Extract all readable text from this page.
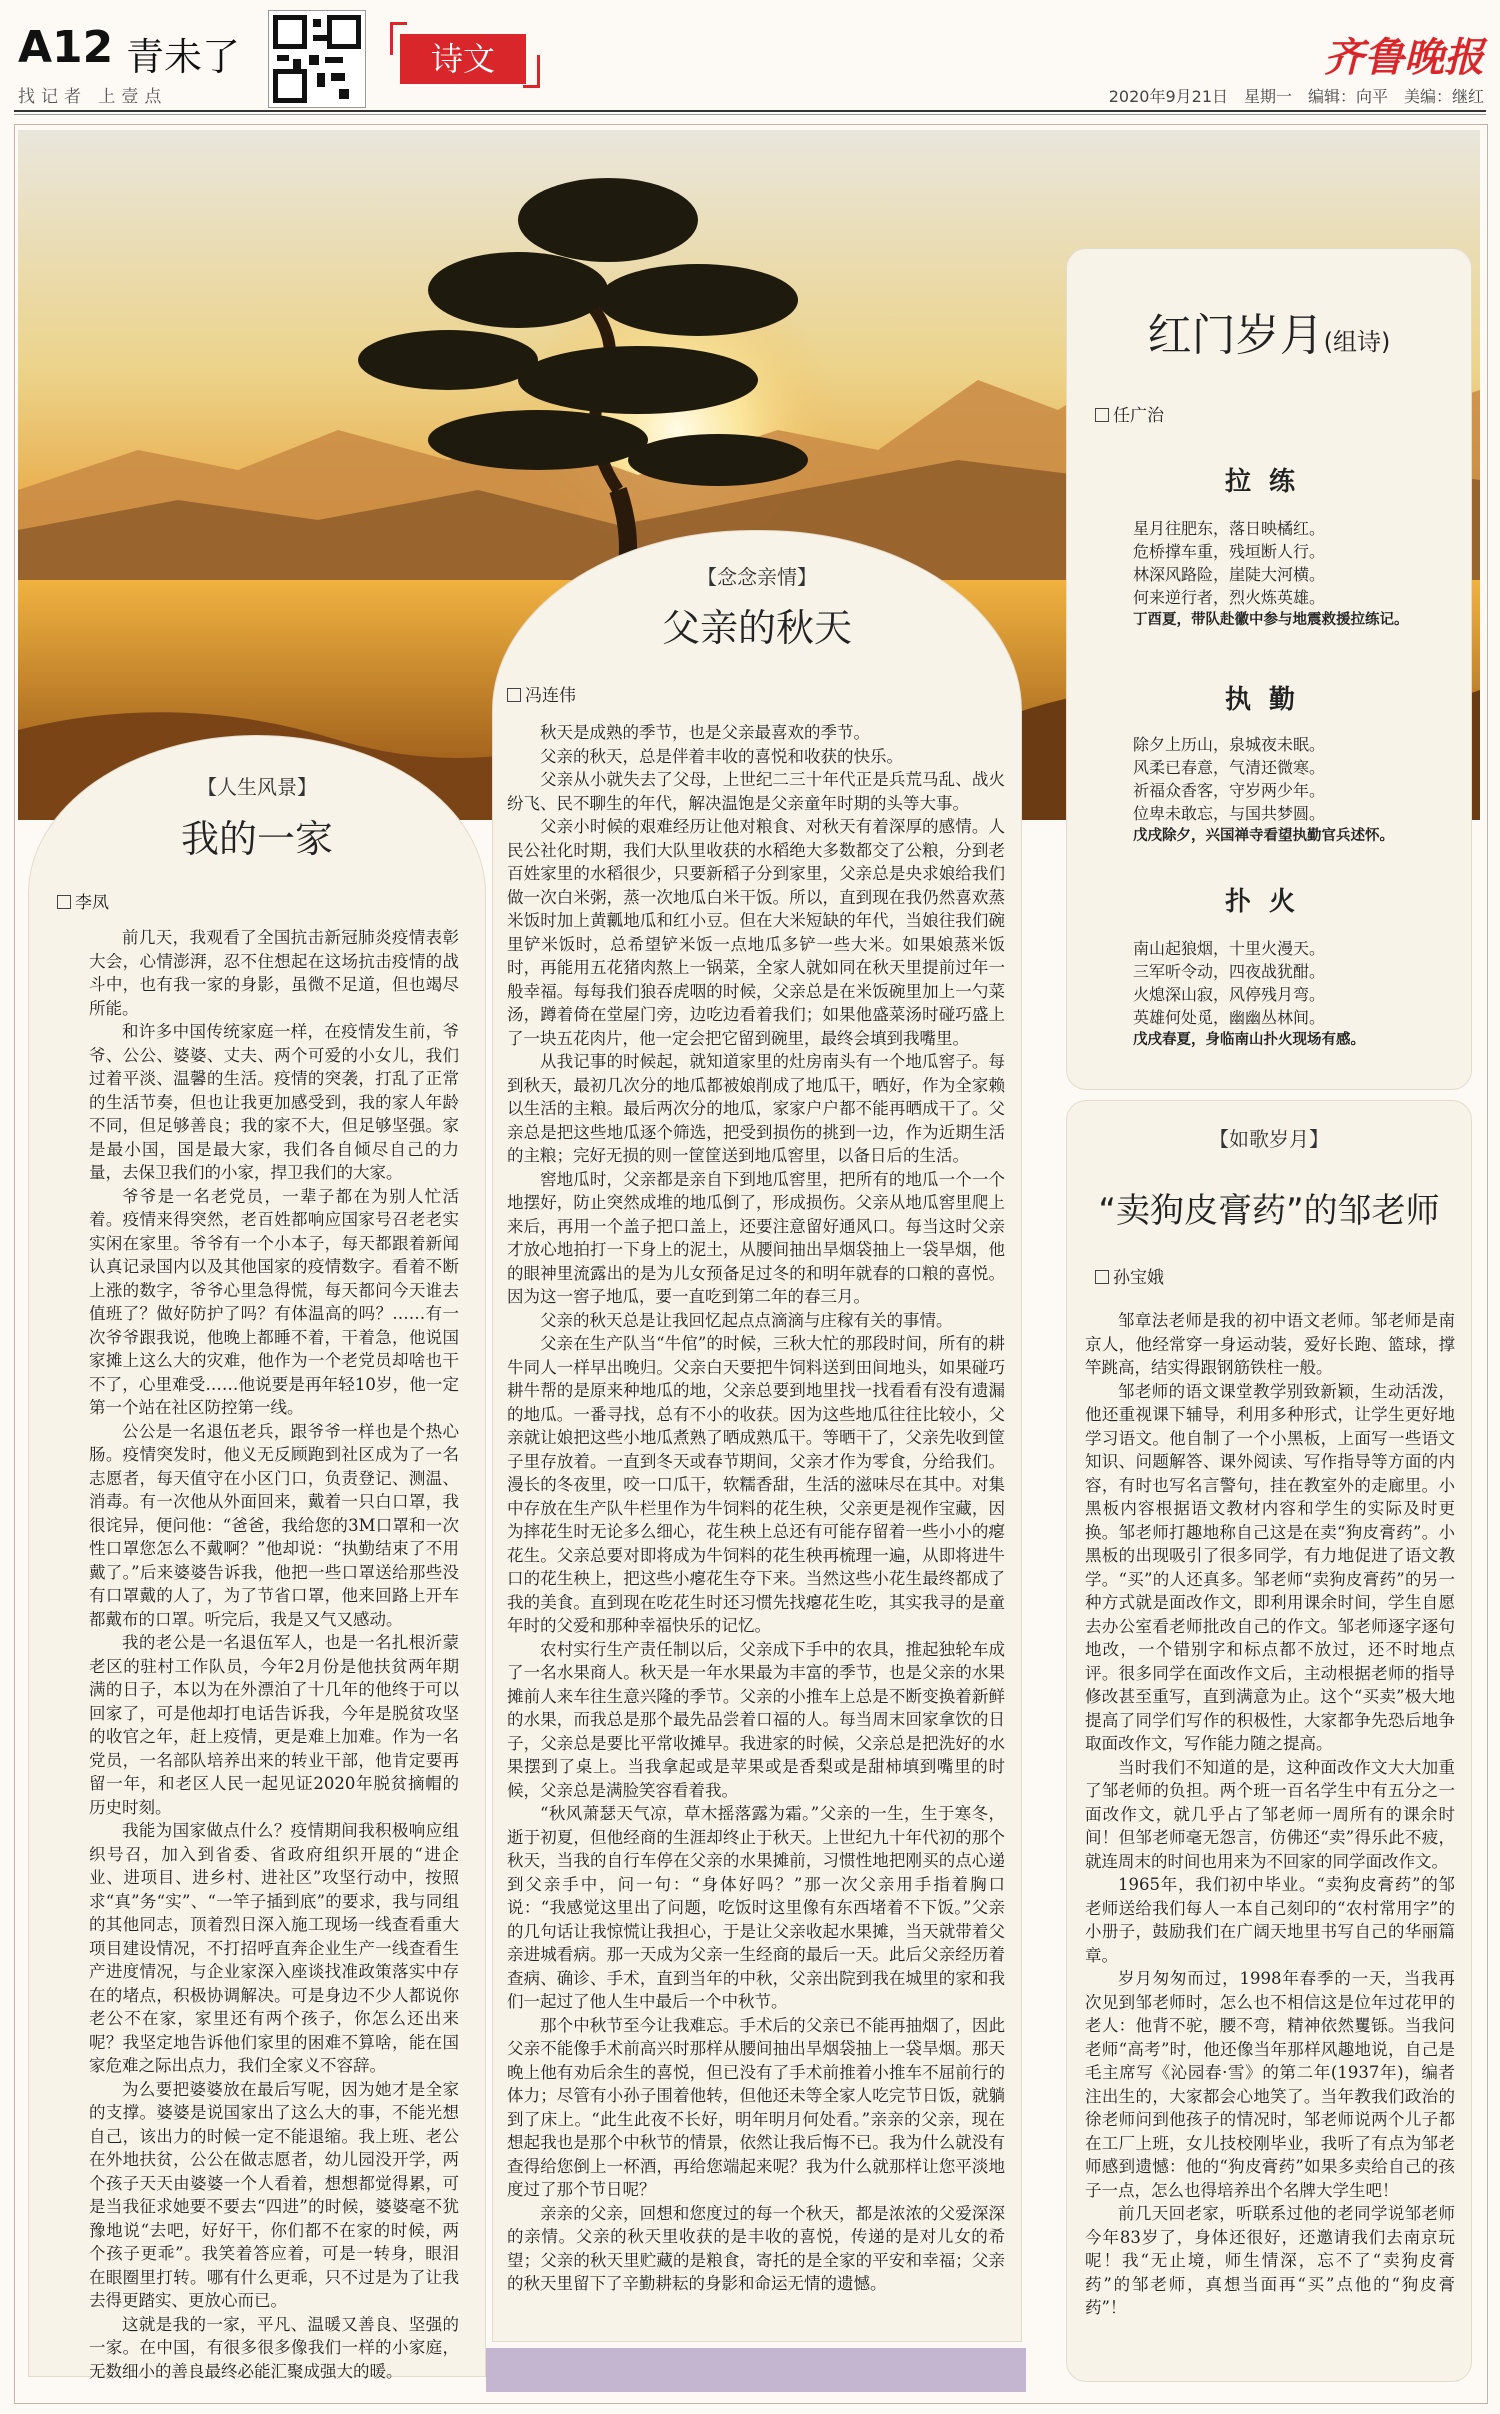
A12 青未了
找记者 上壹点
诗文	齐鲁晚报
2020年9月21日　星期一　编辑：向平　美编：继红
【人生风景】
我的一家
李凤

前几天，我观看了全国抗击新冠肺炎疫情表彰大会，心情澎湃，忍不住想起在这场抗击疫情的战斗中，也有我一家的身影，虽微不足道，但也竭尽所能。

和许多中国传统家庭一样，在疫情发生前，爷爷、公公、婆婆、丈夫、两个可爱的小女儿，我们过着平淡、温馨的生活。疫情的突袭，打乱了正常的生活节奏，但也让我更加感受到，我的家人年龄不同，但足够善良；我的家不大，但足够坚强。家是最小国，国是最大家，我们各自倾尽自己的力量，去保卫我们的小家，捍卫我们的大家。

爷爷是一名老党员，一辈子都在为别人忙活着。疫情来得突然，老百姓都响应国家号召老老实实闲在家里。爷爷有一个小本子，每天都跟着新闻认真记录国内以及其他国家的疫情数字。看着不断上涨的数字，爷爷心里急得慌，每天都问今天谁去值班了？做好防护了吗？有体温高的吗？……有一次爷爷跟我说，他晚上都睡不着，干着急，他说国家摊上这么大的灾难，他作为一个老党员却啥也干不了，心里难受……他说要是再年轻10岁，他一定第一个站在社区防控第一线。

公公是一名退伍老兵，跟爷爷一样也是个热心肠。疫情突发时，他义无反顾跑到社区成为了一名志愿者，每天值守在小区门口，负责登记、测温、消毒。有一次他从外面回来，戴着一只白口罩，我很诧异，便问他：“爸爸，我给您的3M口罩和一次性口罩您怎么不戴啊？”他却说：“执勤结束了不用戴了。”后来婆婆告诉我，他把一些口罩送给那些没有口罩戴的人了，为了节省口罩，他来回路上开车都戴布的口罩。听完后，我是又气又感动。

我的老公是一名退伍军人，也是一名扎根沂蒙老区的驻村工作队员，今年2月份是他扶贫两年期满的日子，本以为在外漂泊了十几年的他终于可以回家了，可是他却打电话告诉我，今年是脱贫攻坚的收官之年，赶上疫情，更是难上加难。作为一名党员，一名部队培养出来的转业干部，他肯定要再留一年，和老区人民一起见证2020年脱贫摘帽的历史时刻。

我能为国家做点什么？疫情期间我积极响应组织号召，加入到省委、省政府组织开展的“进企业、进项目、进乡村、进社区”攻坚行动中，按照求“真”务“实”、“一竿子插到底”的要求，我与同组的其他同志，顶着烈日深入施工现场一线查看重大项目建设情况，不打招呼直奔企业生产一线查看生产进度情况，与企业家深入座谈找准政策落实中存在的堵点，积极协调解决。可是身边不少人都说你老公不在家，家里还有两个孩子，你怎么还出来呢？我坚定地告诉他们家里的困难不算啥，能在国家危难之际出点力，我们全家义不容辞。

为么要把婆婆放在最后写呢，因为她才是全家的支撑。婆婆是说国家出了这么大的事，不能光想自己，该出力的时候一定不能退缩。我上班、老公在外地扶贫，公公在做志愿者，幼儿园没开学，两个孩子天天由婆婆一个人看着，想想都觉得累，可是当我征求她要不要去“四进”的时候，婆婆毫不犹豫地说“去吧，好好干，你们都不在家的时候，两个孩子更乖”。我笑着答应着，可是一转身，眼泪在眼圈里打转。哪有什么更乖，只不过是为了让我去得更踏实、更放心而已。

这就是我的一家，平凡、温暖又善良、坚强的一家。在中国，有很多很多像我们一样的小家庭，无数细小的善良最终必能汇聚成强大的暖。

【念念亲情】
父亲的秋天
冯连伟

秋天是成熟的季节，也是父亲最喜欢的季节。

父亲的秋天，总是伴着丰收的喜悦和收获的快乐。

父亲从小就失去了父母，上世纪二三十年代正是兵荒马乱、战火纷飞、民不聊生的年代，解决温饱是父亲童年时期的头等大事。

父亲小时候的艰难经历让他对粮食、对秋天有着深厚的感情。人民公社化时期，我们大队里收获的水稻绝大多数都交了公粮，分到老百姓家里的水稻很少，只要新稻子分到家里，父亲总是央求娘给我们做一次白米粥，蒸一次地瓜白米干饭。所以，直到现在我仍然喜欢蒸米饭时加上黄瓤地瓜和红小豆。但在大米短缺的年代，当娘往我们碗里铲米饭时，总希望铲米饭一点地瓜多铲一些大米。如果娘蒸米饭时，再能用五花猪肉熬上一锅菜，全家人就如同在秋天里提前过年一般幸福。每每我们狼吞虎咽的时候，父亲总是在米饭碗里加上一勺菜汤，蹲着倚在堂屋门旁，边吃边看着我们；如果他盛菜汤时碰巧盛上了一块五花肉片，他一定会把它留到碗里，最终会填到我嘴里。

从我记事的时候起，就知道家里的灶房南头有一个地瓜窖子。每到秋天，最初几次分的地瓜都被娘削成了地瓜干，晒好，作为全家赖以生活的主粮。最后两次分的地瓜，家家户户都不能再晒成干了。父亲总是把这些地瓜逐个筛选，把受到损伤的挑到一边，作为近期生活的主粮；完好无损的则一筐筐送到地瓜窖里，以备日后的生活。

窖地瓜时，父亲都是亲自下到地瓜窖里，把所有的地瓜一个一个地摆好，防止突然成堆的地瓜倒了，形成损伤。父亲从地瓜窖里爬上来后，再用一个盖子把口盖上，还要注意留好通风口。每当这时父亲才放心地拍打一下身上的泥土，从腰间抽出旱烟袋抽上一袋旱烟，他的眼神里流露出的是为儿女预备足过冬的和明年就春的口粮的喜悦。因为这一窖子地瓜，要一直吃到第二年的春三月。

父亲的秋天总是让我回忆起点点滴滴与庄稼有关的事情。

父亲在生产队当“牛倌”的时候，三秋大忙的那段时间，所有的耕牛同人一样早出晚归。父亲白天要把牛饲料送到田间地头，如果碰巧耕牛帮的是原来种地瓜的地，父亲总要到地里找一找看看有没有遗漏的地瓜。一番寻找，总有不小的收获。因为这些地瓜往往比较小，父亲就让娘把这些小地瓜煮熟了晒成熟瓜干。等晒干了，父亲先收到筐子里存放着。一直到冬天或春节期间，父亲才作为零食，分给我们。漫长的冬夜里，咬一口瓜干，软糯香甜，生活的滋味尽在其中。对集中存放在生产队牛栏里作为牛饲料的花生秧，父亲更是视作宝藏，因为摔花生时无论多么细心，花生秧上总还有可能存留着一些小小的瘪花生。父亲总要对即将成为牛饲料的花生秧再梳理一遍，从即将进牛口的花生秧上，把这些小瘪花生夺下来。当然这些小花生最终都成了我的美食。直到现在吃花生时还习惯先找瘪花生吃，其实我寻的是童年时的父爱和那种幸福快乐的记忆。

农村实行生产责任制以后，父亲成下手中的农具，推起独轮车成了一名水果商人。秋天是一年水果最为丰富的季节，也是父亲的水果摊前人来车往生意兴隆的季节。父亲的小推车上总是不断变换着新鲜的水果，而我总是那个最先品尝着口福的人。每当周末回家拿饮的日子，父亲总是要比平常收摊早。我进家的时候，父亲总是把洗好的水果摆到了桌上。当我拿起或是苹果或是香梨或是甜柿填到嘴里的时候，父亲总是满脸笑容看着我。

“秋风萧瑟天气凉，草木摇落露为霜。”父亲的一生，生于寒冬，逝于初夏，但他经商的生涯却终止于秋天。上世纪九十年代初的那个秋天，当我的自行车停在父亲的水果摊前，习惯性地把刚买的点心递到父亲手中，问一句：“身体好吗？”那一次父亲用手指着胸口说：“我感觉这里出了问题，吃饭时这里像有东西堵着不下饭。”父亲的几句话让我惊慌让我担心，于是让父亲收起水果摊，当天就带着父亲进城看病。那一天成为父亲一生经商的最后一天。此后父亲经历着查病、确诊、手术，直到当年的中秋，父亲出院到我在城里的家和我们一起过了他人生中最后一个中秋节。

那个中秋节至今让我难忘。手术后的父亲已不能再抽烟了，因此父亲不能像手术前高兴时那样从腰间抽出旱烟袋抽上一袋旱烟。那天晚上他有劝后余生的喜悦，但已没有了手术前推着小推车不屈前行的体力；尽管有小孙子围着他转，但他还未等全家人吃完节日饭，就躺到了床上。“此生此夜不长好，明年明月何处看。”亲亲的父亲，现在想起我也是那个中秋节的情景，依然让我后悔不已。我为什么就没有查得给您倒上一杯酒，再给您端起来呢？我为什么就那样让您平淡地度过了那个节日呢？

亲亲的父亲，回想和您度过的每一个秋天，都是浓浓的父爱深深的亲情。父亲的秋天里收获的是丰收的喜悦，传递的是对儿女的希望；父亲的秋天里贮藏的是粮食，寄托的是全家的平安和幸福；父亲的秋天里留下了辛勤耕耘的身影和命运无情的遗憾。

红门岁月(组诗)
任广治
拉练
星月往肥东，落日映橘红。
危桥撑车重，残垣断人行。
林深风路险，崖陡大河横。
何来逆行者，烈火炼英雄。
丁酉夏，带队赴徽中参与地震救援拉练记。
执勤
除夕上历山，泉城夜未眠。
风柔已春意，气清还微寒。
祈福众香客，守岁两少年。
位卑未敢忘，与国共梦圆。
戊戌除夕，兴国禅寺看望执勤官兵述怀。
扑火
南山起狼烟，十里火漫天。
三军听令动，四夜战犹酣。
火熄深山寂，风停残月弯。
英雄何处觅，幽幽丛林间。
戊戌春夏，身临南山扑火现场有感。
【如歌岁月】
“卖狗皮膏药”的邹老师
孙宝娥

邹章法老师是我的初中语文老师。邹老师是南京人，他经常穿一身运动装，爱好长跑、篮球，撑竿跳高，结实得跟钢筋铁柱一般。

邹老师的语文课堂教学别致新颖，生动活泼，他还重视课下辅导，利用多种形式，让学生更好地学习语文。他自制了一个小黑板，上面写一些语文知识、问题解答、课外阅读、写作指导等方面的内容，有时也写名言警句，挂在教室外的走廊里。小黑板内容根据语文教材内容和学生的实际及时更换。邹老师打趣地称自己这是在卖“狗皮膏药”。小黑板的出现吸引了很多同学，有力地促进了语文教学。“买”的人还真多。邹老师“卖狗皮膏药”的另一种方式就是面改作文，即利用课余时间，学生自愿去办公室看老师批改自己的作文。邹老师逐字逐句地改，一个错别字和标点都不放过，还不时地点评。很多同学在面改作文后，主动根据老师的指导修改甚至重写，直到满意为止。这个“买卖”极大地提高了同学们写作的积极性，大家都争先恐后地争取面改作文，写作能力随之提高。

当时我们不知道的是，这种面改作文大大加重了邹老师的负担。两个班一百名学生中有五分之一面改作文，就几乎占了邹老师一周所有的课余时间！但邹老师毫无怨言，仿佛还“卖”得乐此不疲，就连周末的时间也用来为不回家的同学面改作文。

1965年，我们初中毕业。“卖狗皮膏药”的邹老师送给我们每人一本自己刻印的“农村常用字”的小册子，鼓励我们在广阔天地里书写自己的华丽篇章。

岁月匆匆而过，1998年春季的一天，当我再次见到邹老师时，怎么也不相信这是位年过花甲的老人：他背不驼，腰不弯，精神依然矍铄。当我问老师“高考”时，他还像当年那样风趣地说，自己是毛主席写《沁园春·雪》的第二年(1937年)，编者注出生的，大家都会心地笑了。当年教我们政治的徐老师问到他孩子的情况时，邹老师说两个儿子都在工厂上班，女儿技校刚毕业，我听了有点为邹老师感到遗憾：他的“狗皮膏药”如果多卖给自己的孩子一点，怎么也得培养出个名牌大学生吧！

前几天回老家，听联系过他的老同学说邹老师今年83岁了，身体还很好，还邀请我们去南京玩呢！我“无止境，师生情深，忘不了“卖狗皮膏药”的邹老师，真想当面再“买”点他的“狗皮膏药”！
